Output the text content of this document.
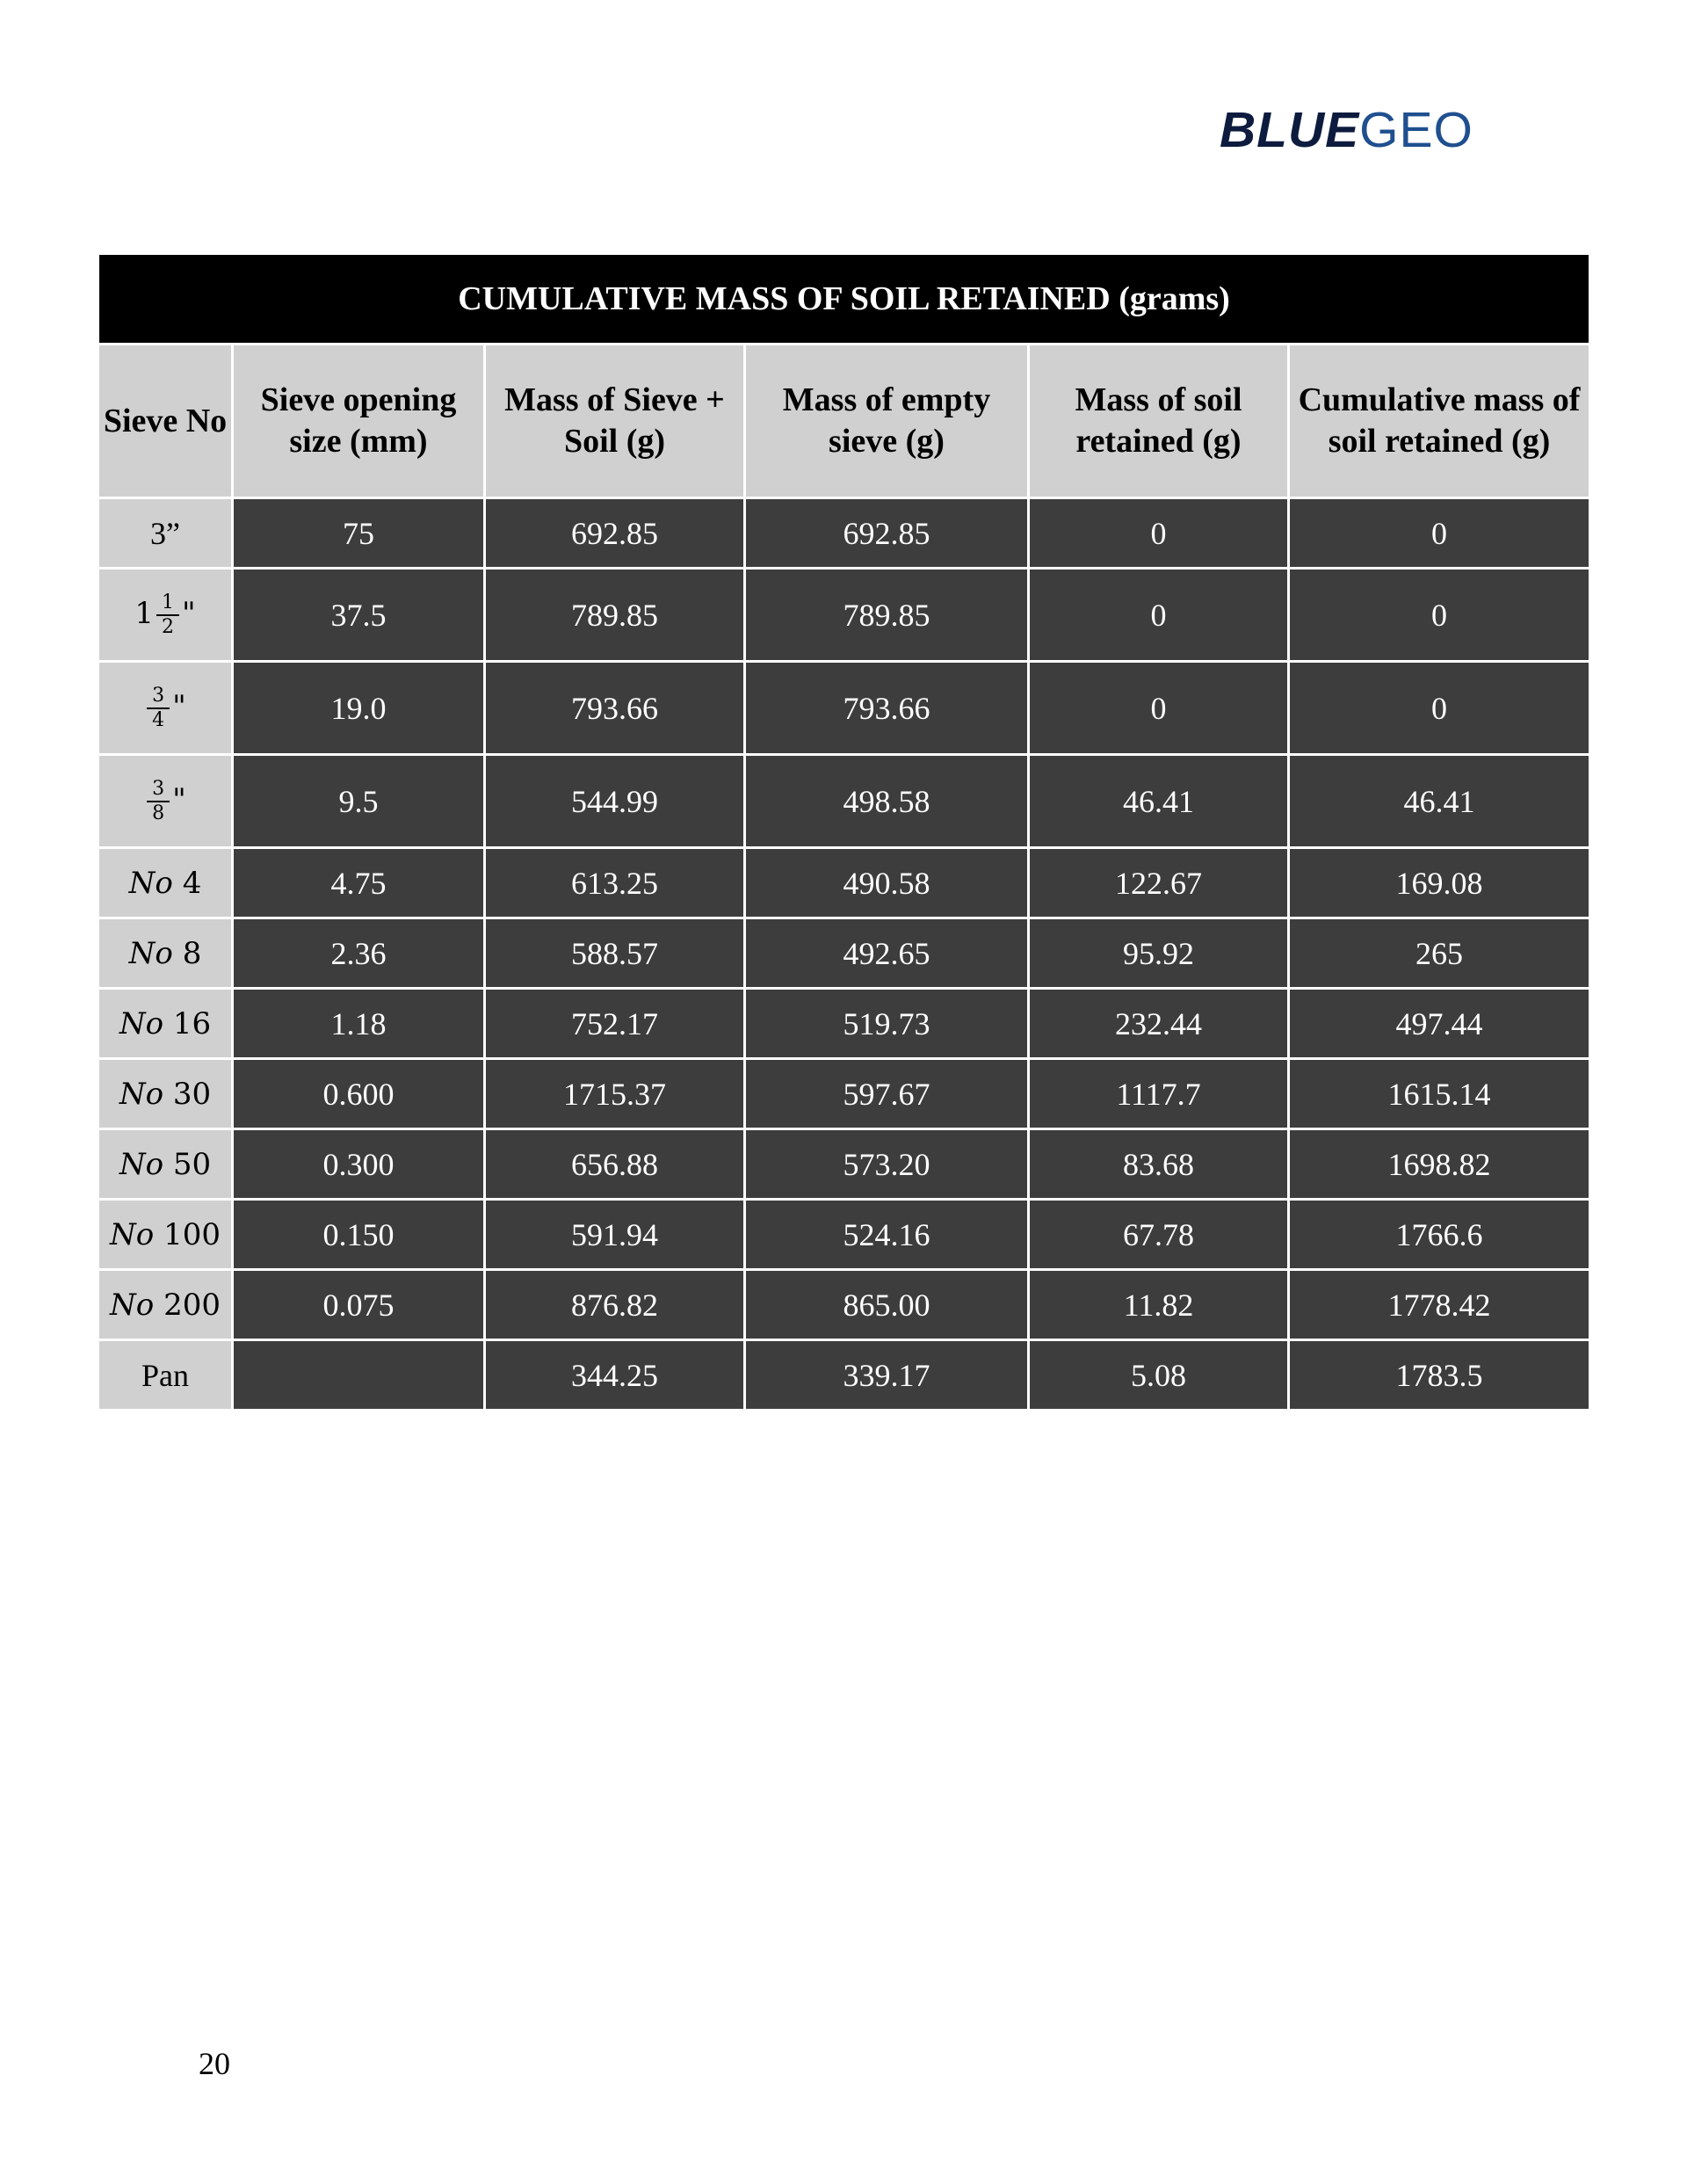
BLUEGEO
CUMULATIVE MASS OF SOIL RETAINED (grams)					
Sieve No	Sieve opening size (mm)	Mass of Sieve + Soil (g)	Mass of empty sieve (g)	Mass of soil retained (g)	Cumulative mass of soil retained (g)
3”	75	692.85	692.85	0	0
$1 \frac{1}{2}$ "	37.5	789.85	789.85	0	0

$\frac{3}{4}$ "	19.0	793.66	793.66	0	0

$\frac{3}{8}$ "	9.5	544.99	498.58	46.41	46.41
No 4	4.75	613.25	490.58	122.67	169.08
No 8	2.36	588.57	492.65	95.92	265
No 16	1.18	752.17	519.73	232.44	497.44
No 30	0.600	1715.37	597.67	1117.7	1615.14
No 50	0.300	656.88	573.20	83.68	1698.82
No 100	0.150	591.94	524.16	67.78	1766.6
No 200	0.075	876.82	865.00	11.82	1778.42
Pan		344.25	339.17	5.08	1783.5
20
